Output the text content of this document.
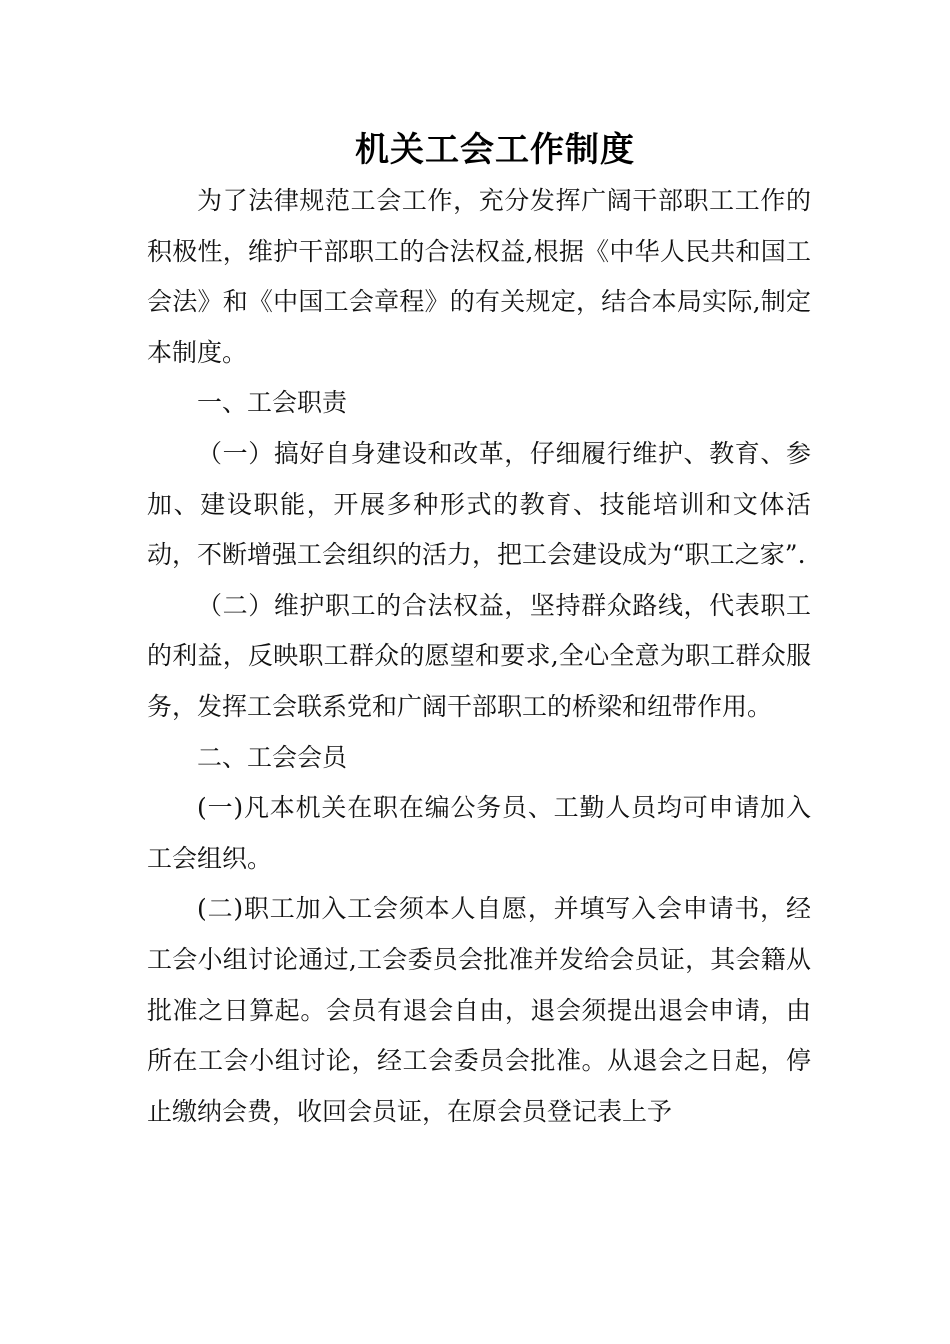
机关工会工作制度

为了法律规范工会工作，充分发挥广阔干部职工工作的积极性，维护干部职工的合法权益,根据《中华人民共和国工会法》和《中国工会章程》的有关规定，结合本局实际,制定本制度。

一、工会职责

（一）搞好自身建设和改革，仔细履行维护、教育、参加、建设职能，开展多种形式的教育、技能培训和文体活动，不断增强工会组织的活力，把工会建设成为“职工之家”.

（二）维护职工的合法权益，坚持群众路线，代表职工的利益，反映职工群众的愿望和要求,全心全意为职工群众服务，发挥工会联系党和广阔干部职工的桥梁和纽带作用。

二、工会会员

(一)凡本机关在职在编公务员、工勤人员均可申请加入工会组织。

(二)职工加入工会须本人自愿，并填写入会申请书，经工会小组讨论通过,工会委员会批准并发给会员证，其会籍从批准之日算起。会员有退会自由，退会须提出退会申请，由所在工会小组讨论，经工会委员会批准。从退会之日起，停止缴纳会费，收回会员证，在原会员登记表上予
